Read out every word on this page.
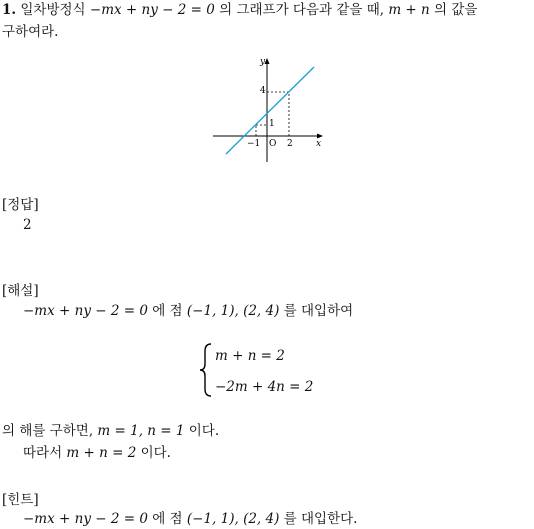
1. 일차방정식 −mx + ny − 2 = 0 의 그래프가 다음과 같을 때, m + n 의 값을
구하여라.
y
x
O
−1	2
1
4
[정답]
2
[해설]
−mx + ny − 2 = 0 에 점 (−1, 1), (2, 4) 를 대입하여
m + n = 2
−2m + 4n = 2
의 해를 구하면, m = 1, n = 1 이다.
따라서 m + n = 2 이다.
[힌트]
−mx + ny − 2 = 0 에 점 (−1, 1), (2, 4) 를 대입한다.
